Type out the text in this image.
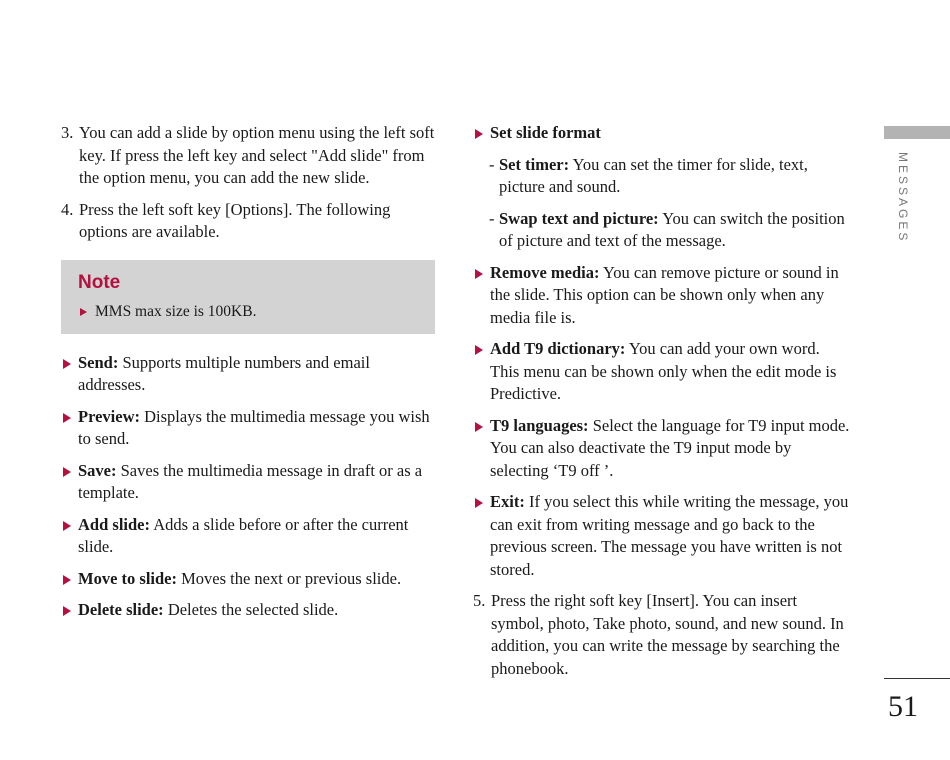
3. You can add a slide by option menu using the left soft key. If press the left key and select "Add slide" from the option menu, you can add the new slide.
4. Press the left soft key [Options]. The following options are available.
Note
MMS max size is 100KB.
Send: Supports multiple numbers and email addresses.
Preview: Displays the multimedia message you wish to send.
Save: Saves the multimedia message in draft or as a template.
Add slide: Adds a slide before or after the current slide.
Move to slide: Moves the next or previous slide.
Delete slide: Deletes the selected slide.
Set slide format
- Set timer: You can set the timer for slide, text, picture and sound.
- Swap text and picture: You can switch the position of picture and text of the message.
Remove media: You can remove picture or sound in the slide. This option can be shown only when any media file is.
Add T9 dictionary: You can add your own word. This menu can be shown only when the edit mode is Predictive.
T9 languages: Select the language for T9 input mode. You can also deactivate the T9 input mode by selecting ‘T9 off ’.
Exit: If you select this while writing the message, you can exit from writing message and go back to the previous screen. The message you have written is not stored.
5. Press the right soft key [Insert]. You can insert symbol, photo, Take photo, sound, and new sound. In addition, you can write the message by searching the phonebook.
MESSAGES
51
